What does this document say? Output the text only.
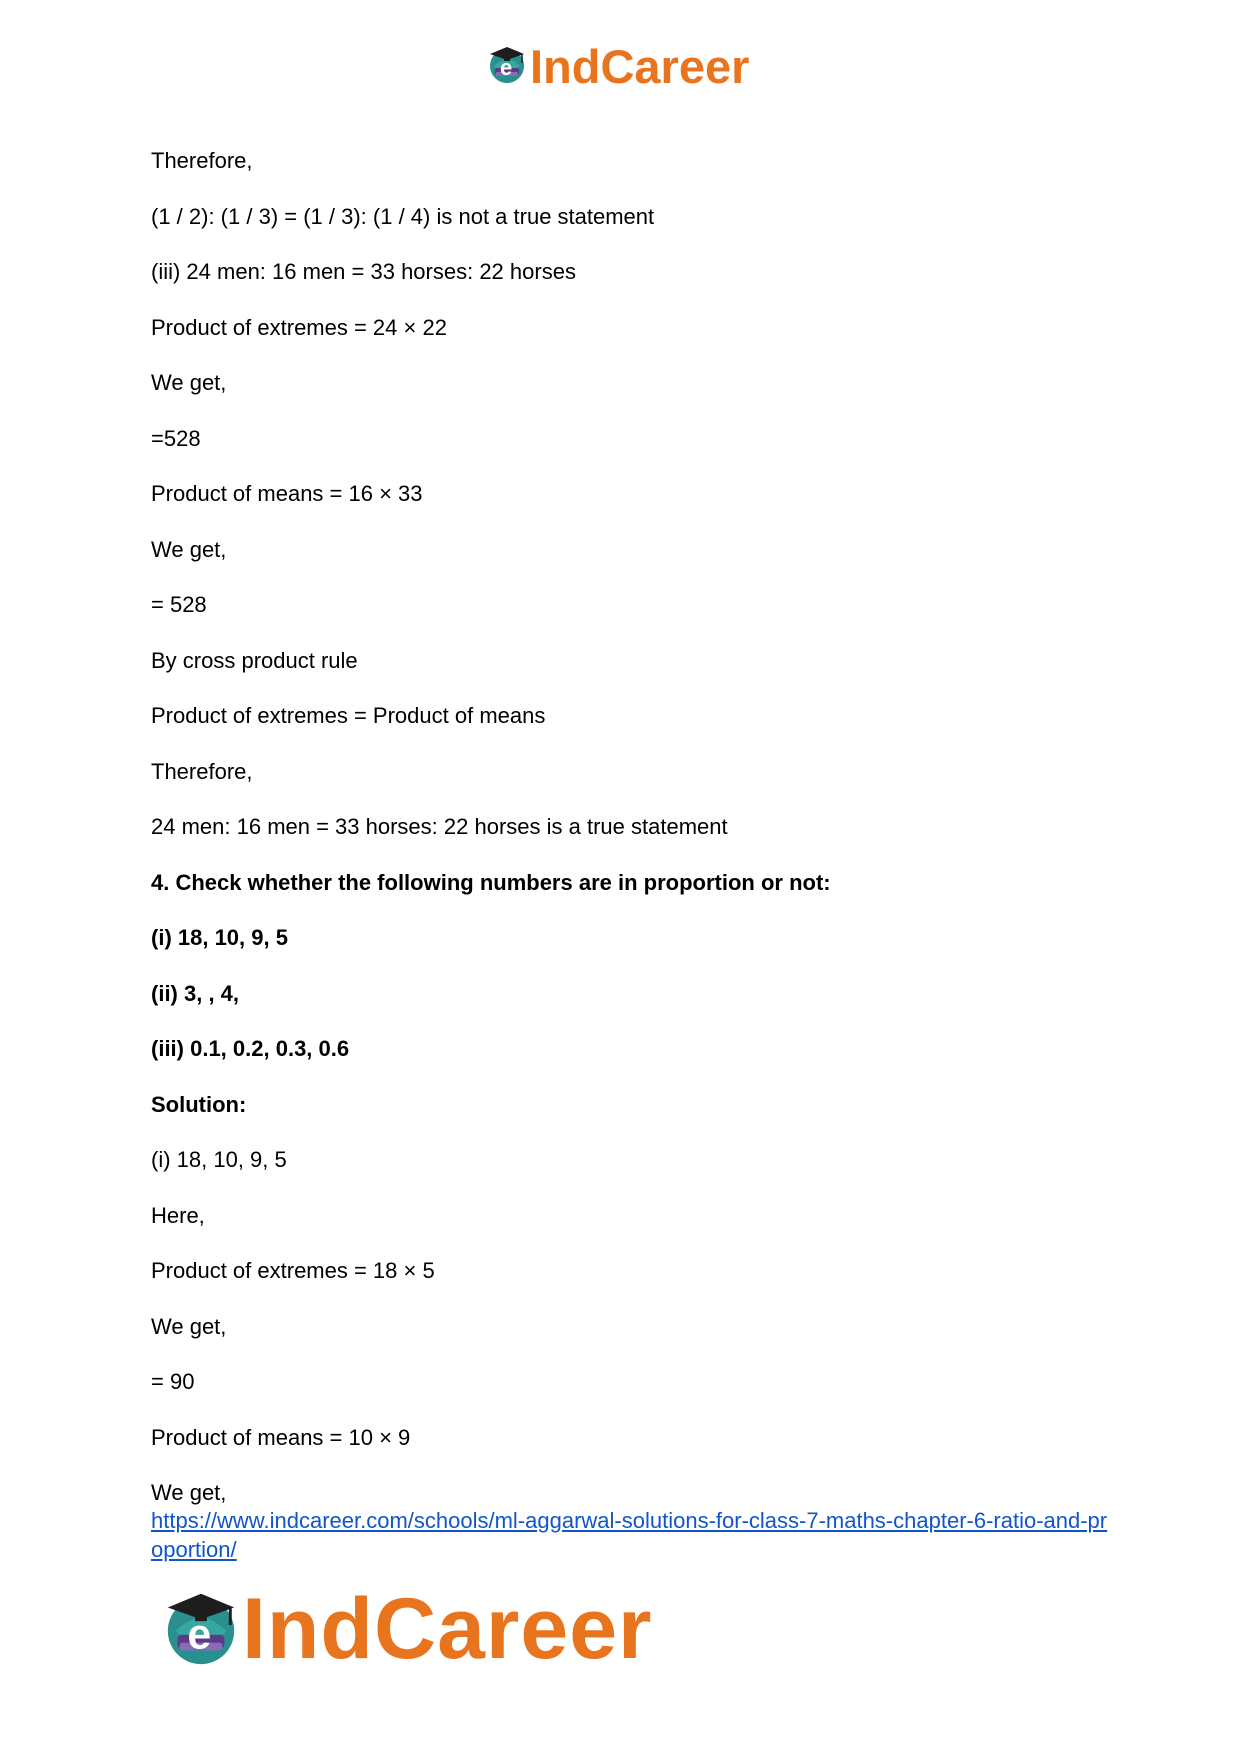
e IndCareer
Therefore,
(1 / 2): (1 / 3) = (1 / 3): (1 / 4) is not a true statement
(iii) 24 men: 16 men = 33 horses: 22 horses
Product of extremes = 24 × 22
We get,
=528
Product of means = 16 × 33
We get,
= 528
By cross product rule
Product of extremes = Product of means
Therefore,
24 men: 16 men = 33 horses: 22 horses is a true statement
4. Check whether the following numbers are in proportion or not:
(i) 18, 10, 9, 5
(ii) 3, , 4,
(iii) 0.1, 0.2, 0.3, 0.6
Solution:
(i) 18, 10, 9, 5
Here,
Product of extremes = 18 × 5
We get,
= 90
Product of means = 10 × 9
We get,
https://www.indcareer.com/schools/ml-aggarwal-solutions-for-class-7-maths-chapter-6-ratio-and-proportion/
e IndCareer
